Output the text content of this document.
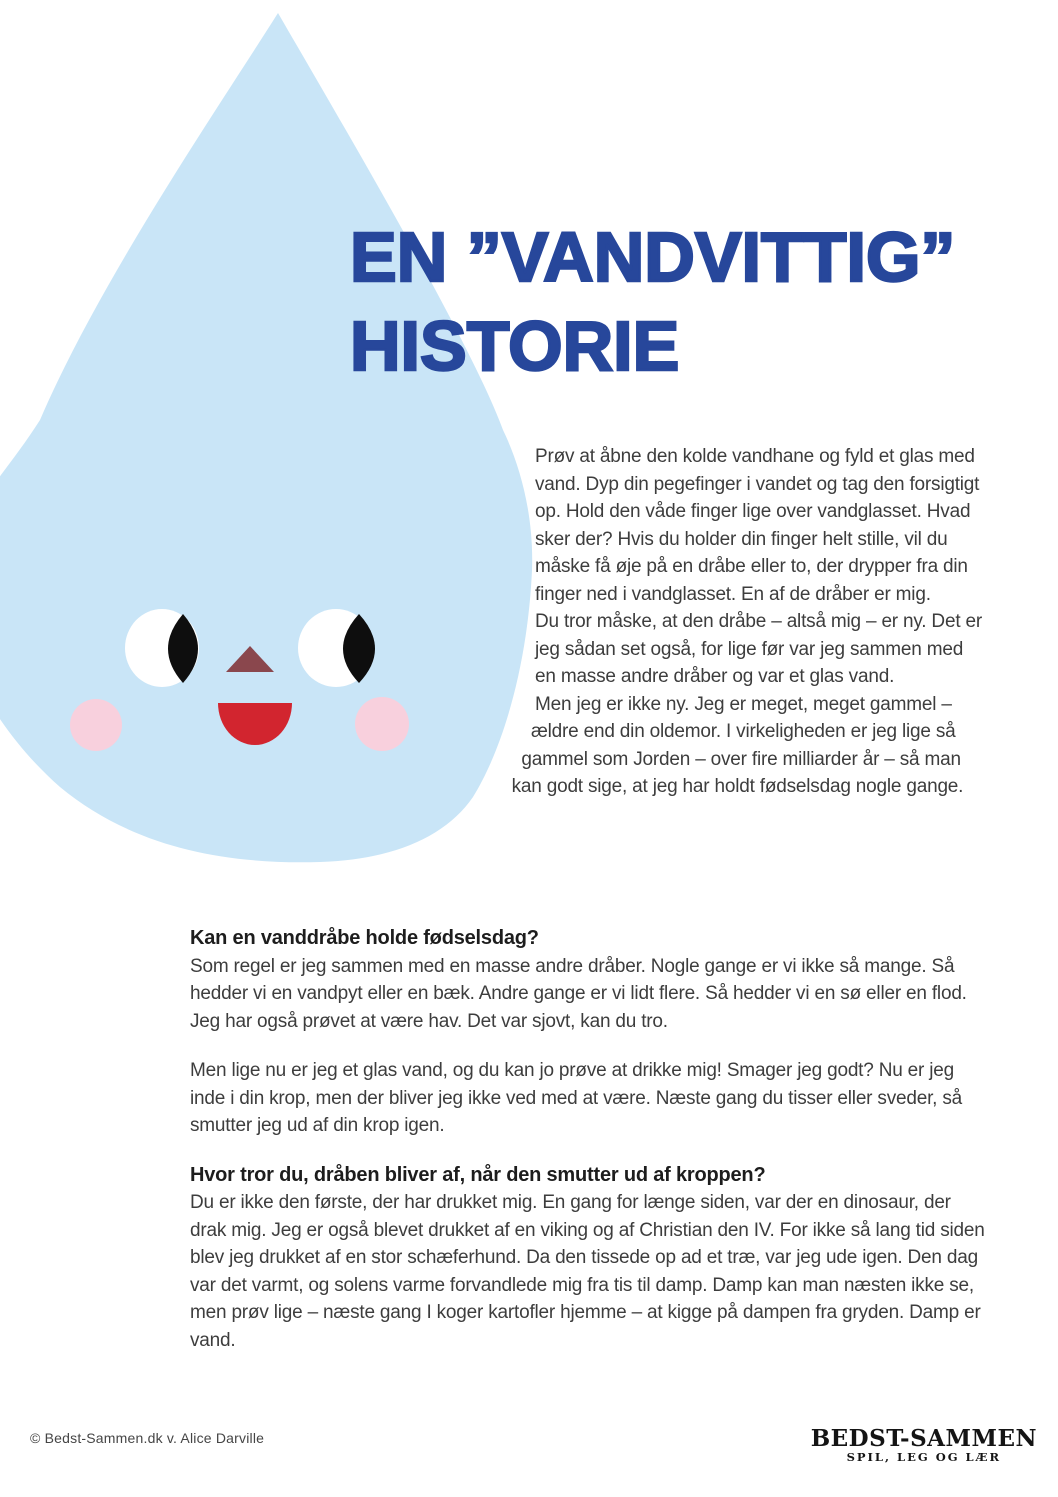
EN ”VANDVITTIG”
HISTORIE

Prøv at åbne den kolde vandhane og fyld et glas med vand. Dyp din pegefinger i vandet og tag den forsigtigt op. Hold den våde finger lige over vandglasset. Hvad sker der? Hvis du holder din finger helt stille, vil du måske få øje på en dråbe eller to, der drypper fra din finger ned i vandglasset. En af de dråber er mig.

Du tror måske, at den dråbe – altså mig – er ny. Det er jeg sådan set også, for lige før var jeg sammen med en masse andre dråber og var et glas vand.

Men jeg er ikke ny. Jeg er meget, meget gammel – ældre end din oldemor. I virkeligheden er jeg lige så gammel som Jorden – over fire milliarder år – så man kan godt sige, at jeg har holdt fødselsdag nogle gange.

Kan en vanddråbe holde fødselsdag?

Som regel er jeg sammen med en masse andre dråber. Nogle gange er vi ikke så mange. Så hedder vi en vandpyt eller en bæk. Andre gange er vi lidt flere. Så hedder vi en sø eller en flod. Jeg har også prøvet at være hav. Det var sjovt, kan du tro.

Men lige nu er jeg et glas vand, og du kan jo prøve at drikke mig! Smager jeg godt? Nu er jeg inde i din krop, men der bliver jeg ikke ved med at være. Næste gang du tisser eller sveder, så smutter jeg ud af din krop igen.

Hvor tror du, dråben bliver af, når den smutter ud af kroppen?

Du er ikke den første, der har drukket mig. En gang for længe siden, var der en dinosaur, der drak mig. Jeg er også blevet drukket af en viking og af Christian den IV. For ikke så lang tid siden blev jeg drukket af en stor schæferhund. Da den tissede op ad et træ, var jeg ude igen. Den dag var det varmt, og solens varme forvandlede mig fra tis til damp. Damp kan man næsten ikke se, men prøv lige – næste gang I koger kartofler hjemme – at kigge på dampen fra gryden. Damp er vand.

© Bedst-Sammen.dk v. Alice Darville	BEDST-SAMMEN
SPIL, LEG OG LÆR
